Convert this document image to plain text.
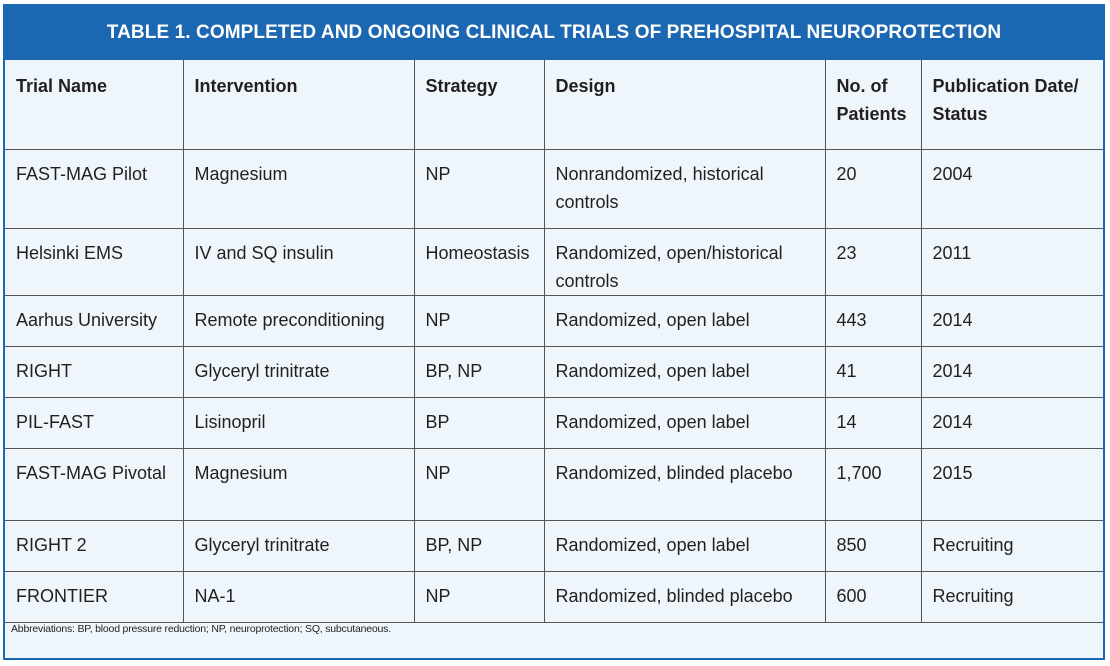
TABLE 1. COMPLETED AND ONGOING CLINICAL TRIALS OF PREHOSPITAL NEUROPROTECTION
Trial Name	Intervention	Strategy	Design	No. of Patients	Publication Date/ Status
FAST-MAG Pilot	Magnesium	NP	Nonrandomized, historical controls	20	2004
Helsinki EMS	IV and SQ insulin	Homeostasis	Randomized, open/historical controls	23	2011
Aarhus University	Remote preconditioning	NP	Randomized, open label	443	2014
RIGHT	Glyceryl trinitrate	BP, NP	Randomized, open label	41	2014
PIL-FAST	Lisinopril	BP	Randomized, open label	14	2014
FAST-MAG Pivotal	Magnesium	NP	Randomized, blinded placebo	1,700	2015
RIGHT 2	Glyceryl trinitrate	BP, NP	Randomized, open label	850	Recruiting
FRONTIER	NA-1	NP	Randomized, blinded placebo	600	Recruiting
Abbreviations: BP, blood pressure reduction; NP, neuroprotection; SQ, subcutaneous.
